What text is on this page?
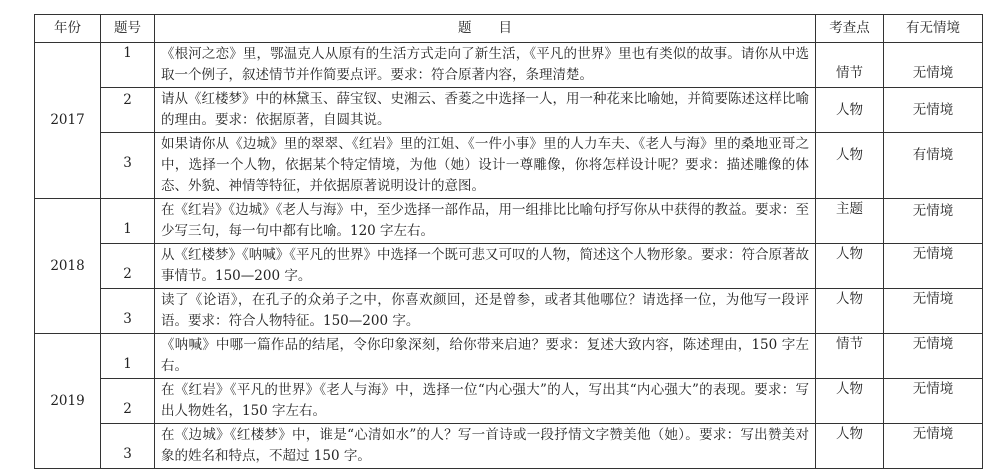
年份	题号	题　　目	考查点	有无情境
2017	1	《根河之恋》里，鄂温克人从原有的生活方式走向了新生活，《平凡的世界》里也有类似的故事。请你从中选取一个例子，叙述情节并作简要点评。要求：符合原著内容，条理清楚。	情节	无情境

	2	请从《红楼梦》中的林黛玉、薛宝钗、史湘云、香菱之中选择一人，用一种花来比喻她，并简要陈述这样比喻的理由。要求：依据原著，自圆其说。	人物	无情境

	3	如果请你从《边城》里的翠翠、《红岩》里的江姐、《一件小事》里的人力车夫、《老人与海》里的桑地亚哥之中，选择一个人物，依据某个特定情境，为他（她）设计一尊雕像，你将怎样设计呢？要求：描述雕像的体态、外貌、神情等特征，并依据原著说明设计的意图。	人物	有情境

2018	1	在《红岩》《边城》《老人与海》中，至少选择一部作品，用一组排比比喻句抒写你从中获得的教益。要求：至少写三句，每一句中都有比喻。120 字左右。	主题	无情境

	2	从《红楼梦》《呐喊》《平凡的世界》中选择一个既可悲又可叹的人物，简述这个人物形象。要求：符合原著故事情节。150—200 字。	人物	无情境

	3	读了《论语》，在孔子的众弟子之中，你喜欢颜回，还是曾参，或者其他哪位？请选择一位，为他写一段评语。要求：符合人物特征。150—200 字。	人物	无情境

2019	1	《呐喊》中哪一篇作品的结尾，令你印象深刻，给你带来启迪？要求：复述大致内容，陈述理由，150 字左右。	情节	无情境

	2	在《红岩》《平凡的世界》《老人与海》中，选择一位“内心强大”的人，写出其“内心强大”的表现。要求：写出人物姓名，150 字左右。	人物	无情境

	3	在《边城》《红楼梦》中，谁是“心清如水”的人？写一首诗或一段抒情文字赞美他（她）。要求：写出赞美对象的姓名和特点，不超过 150 字。	人物	无情境
